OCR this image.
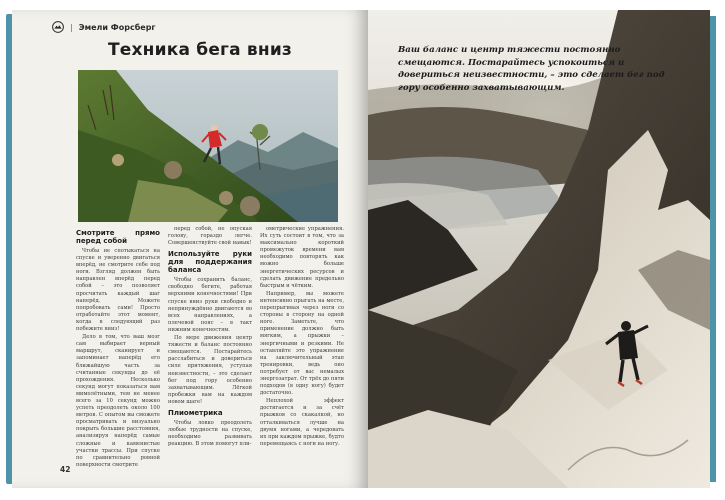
| Эмели Форсберг
Техника бега вниз
Смотрите прямо перед собой

Чтобы не спотыкаться на спуске и уверенно двигаться вперёд, не смотрите себе под ноги. Взгляд должен быть направлен вперёд перед собой – это позволяет просчитать каждый шаг наперёд. Можете попробовать сами! Просто отработайте этот момент, когда в следующий раз побежите вниз!

Дело в том, что ваш мозг сам выбирает верный маршрут, сканирует и запоминает наперёд его ближайшую часть за считанные секунды до её прохождения. Несколько секунд могут показаться вам мимолётными, тем не менее всего за 10 секунд можно успеть преодолеть около 100 метров. С опытом вы сможете просматривать и визуально покрыть большие расстояния, анализируя наперёд самые сложные и каменистые участки трассы. При спуске по сравнительно ровной поверхности смотрите

перед собой, не опуская голову, гораздо легче. Совершенствуйте свой навык!

Используйте руки для поддержания баланса

Чтобы сохранить баланс, свободно бегите, работая верхними конечностями! При спуске вниз руки свободно и непринуждённо двигаются во всех направлениях, а плечевой пояс – в такт нижним конечностям.

По мере движения центр тяжести и баланс постоянно смещаются. Постарайтесь расслабиться и довериться силе притяжения, уступая неизвестности, – это сделает бег под гору особенно захватывающим. Лёгкой пробежки вам на каждом новом шаге!

Плиометрика

Чтобы ловко преодолеть любые трудности на спуске, необходимо развивать реакцию. В этом помогут пли-

ометрические упражнения. Их суть состоит в том, что за максимально короткий промежуток времени вам необходимо повторять как можно больше энергетических ресурсов и сделать движение предельно быстрым и чётким.

Например, вы можете интенсивно прыгать на месте, перепрыгивая через ноги со стороны в сторону на одной ноге. Заметьте, что применение должно быть мягким, а прыжки – энергичными и резкими. Не оставляйте это упражнение на заключительный этап тренировки, ведь оно потребует от вас немалых энергозатрат. От трёх до пяти подходов (в одну ногу) будет достаточно.

Неплохой эффект достигается и за счёт прыжков со скакалкой, но отталкиваться лучше на двумя ногами, а чередовать их при каждом прыжке, будто перемещаясь с ноги на ногу.

42
Ваш баланс и центр тяжести постоянно смещаются. Постарайтесь успокоиться и довериться неизвестности, – это сделает бег под гору особенно захватывающим.
